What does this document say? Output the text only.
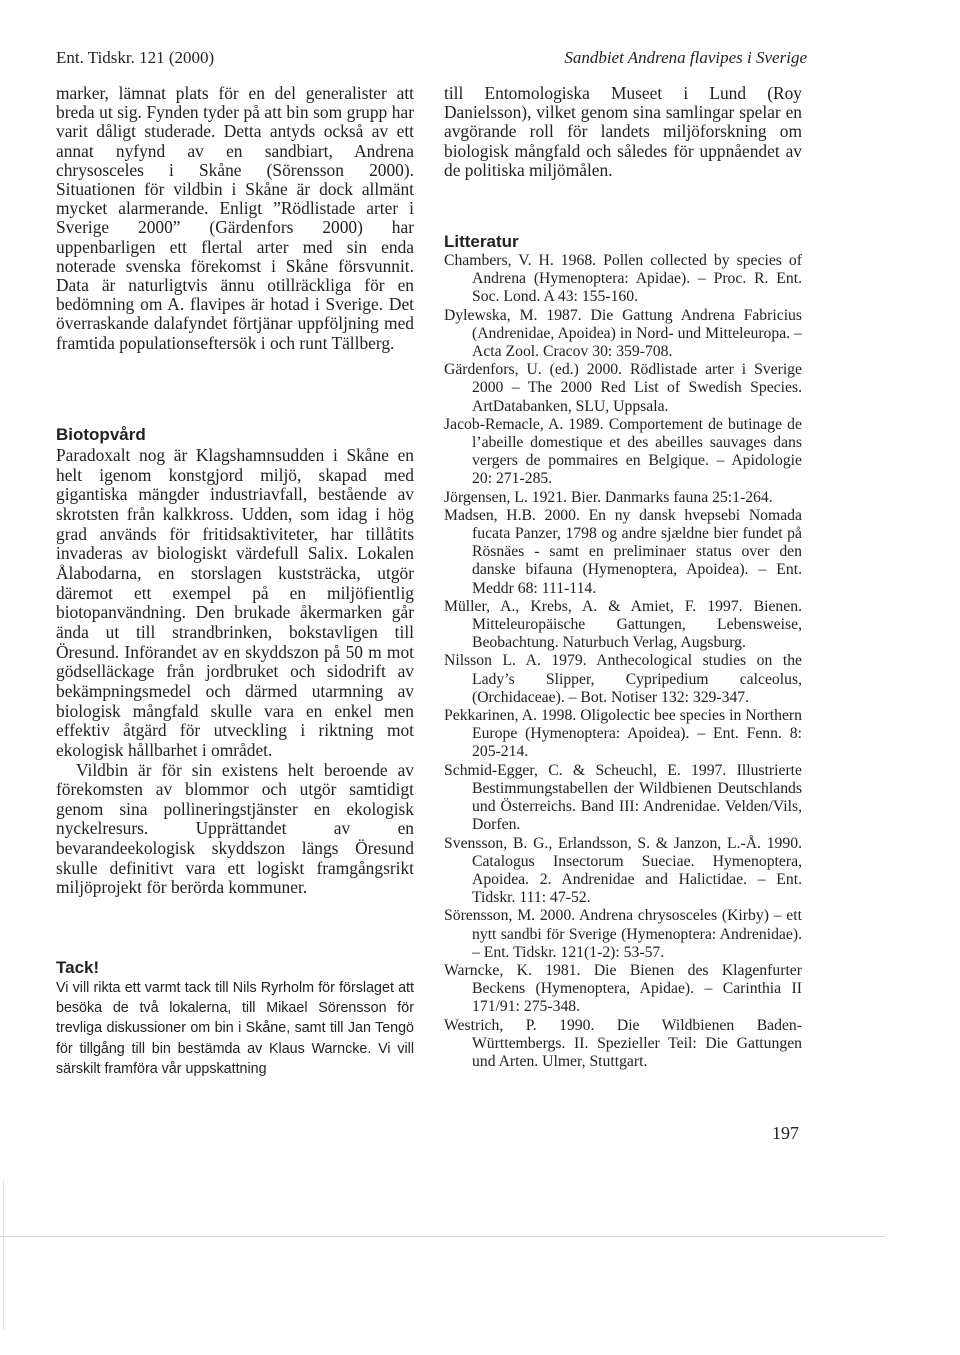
Ent. Tidskr. 121 (2000)	Sandbiet Andrena flavipes i Sverige

marker, lämnat plats för en del generalister att breda ut sig. Fynden tyder på att bin som grupp har varit dåligt studerade. Detta antyds också av ett annat nyfynd av en sandbiart, Andrena chrysosceles i Skåne (Sörensson 2000). Situationen för vildbin i Skåne är dock allmänt mycket alarmerande. Enligt ”Rödlistade arter i Sverige 2000” (Gärdenfors 2000) har uppenbarligen ett flertal arter med sin enda noterade svenska förekomst i Skåne försvunnit. Data är naturligtvis ännu otillräckliga för en bedömning om A. flavipes är hotad i Sverige. Det överraskande dalafyndet förtjänar uppföljning med framtida populationseftersök i och runt Tällberg.

Biotopvård

Paradoxalt nog är Klagshamnsudden i Skåne en helt igenom konstgjord miljö, skapad med gigantiska mängder industriavfall, bestående av skrotsten från kalkkross. Udden, som idag i hög grad används för fritidsaktiviteter, har tillåtits invaderas av biologiskt värdefull Salix. Lokalen Ålabodarna, en storslagen kuststräcka, utgör däremot ett exempel på en miljöfientlig biotopanvändning. Den brukade åkermarken går ända ut till strandbrinken, bokstavligen till Öresund. Införandet av en skyddszon på 50 m mot gödselläckage från jordbruket och sidodrift av bekämpningsmedel och därmed utarmning av biologisk mångfald skulle vara en enkel men effektiv åtgärd för utveckling i riktning mot ekologisk hållbarhet i området.

Vildbin är för sin existens helt beroende av förekomsten av blommor och utgör samtidigt genom sina pollineringstjänster en ekologisk nyckelresurs. Upprättandet av en bevarandeekologisk skyddszon längs Öresund skulle definitivt vara ett logiskt framgångsrikt miljöprojekt för berörda kommuner.

Tack!
Vi vill rikta ett varmt tack till Nils Ryrholm för förslaget att besöka de två lokalerna, till Mikael Sörensson för trevliga diskussioner om bin i Skåne, samt till Jan Tengö för tillgång till bin bestämda av Klaus Warncke. Vi vill särskilt framföra vår uppskattning

till Entomologiska Museet i Lund (Roy Danielsson), vilket genom sina samlingar spelar en avgörande roll för landets miljöforskning om biologisk mångfald och således för uppnåendet av de politiska miljömålen.

Litteratur

Chambers, V. H. 1968. Pollen collected by species of Andrena (Hymenoptera: Apidae). – Proc. R. Ent. Soc. Lond. A 43: 155-160.

Dylewska, M. 1987. Die Gattung Andrena Fabricius (Andrenidae, Apoidea) in Nord- und Mitteleuropa. – Acta Zool. Cracov 30: 359-708.

Gärdenfors, U. (ed.) 2000. Rödlistade arter i Sverige 2000 – The 2000 Red List of Swedish Species. ArtDatabanken, SLU, Uppsala.

Jacob-Remacle, A. 1989. Comportement de butinage de l’abeille domestique et des abeilles sauvages dans vergers de pommaires en Belgique. – Apidologie 20: 271-285.

Jörgensen, L. 1921. Bier. Danmarks fauna 25:1-264.

Madsen, H.B. 2000. En ny dansk hvepsebi Nomada fucata Panzer, 1798 og andre sjældne bier fundet på Rösnäes - samt en preliminaer status over den danske bifauna (Hymenoptera, Apoidea). – Ent. Meddr 68: 111-114.

Müller, A., Krebs, A. & Amiet, F. 1997. Bienen. Mitteleuropäische Gattungen, Lebensweise, Beobachtung. Naturbuch Verlag, Augsburg.

Nilsson L. A. 1979. Anthecological studies on the Lady’s Slipper, Cypripedium calceolus, (Orchidaceae). – Bot. Notiser 132: 329-347.

Pekkarinen, A. 1998. Oligolectic bee species in Northern Europe (Hymenoptera: Apoidea). – Ent. Fenn. 8: 205-214.

Schmid-Egger, C. & Scheuchl, E. 1997. Illustrierte Bestimmungstabellen der Wildbienen Deutschlands und Österreichs. Band III: Andrenidae. Velden/Vils, Dorfen.

Svensson, B. G., Erlandsson, S. & Janzon, L.-Å. 1990. Catalogus Insectorum Sueciae. Hymenoptera, Apoidea. 2. Andrenidae and Halictidae. – Ent. Tidskr. 111: 47-52.

Sörensson, M. 2000. Andrena chrysosceles (Kirby) – ett nytt sandbi för Sverige (Hymenoptera: Andrenidae). – Ent. Tidskr. 121(1-2): 53-57.

Warncke, K. 1981. Die Bienen des Klagenfurter Beckens (Hymenoptera, Apidae). – Carinthia II 171/91: 275-348.

Westrich, P. 1990. Die Wildbienen Baden-Württembergs. II. Spezieller Teil: Die Gattungen und Arten. Ulmer, Stuttgart.

197
